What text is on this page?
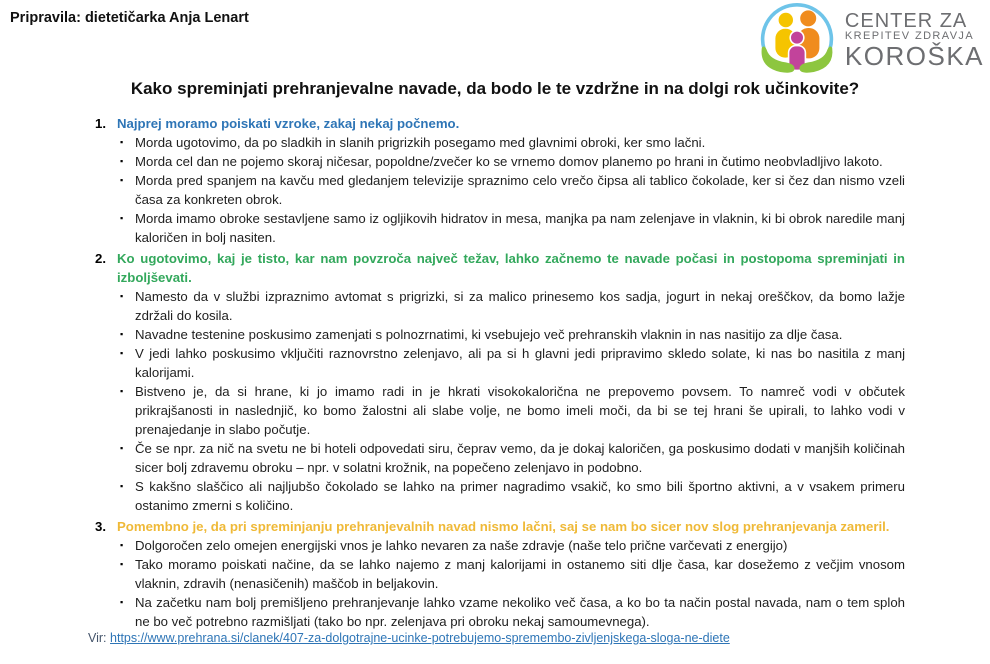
Pripravila: dietetičarka Anja Lenart	CENTER ZA
KREPITEV ZDRAVJA
KOROŠKA
Kako spreminjati prehranjevalne navade, da bodo le te vzdržne in na dolgi rok učinkovite?
1. Najprej moramo poiskati vzroke, zakaj nekaj počnemo.
▪ Morda ugotovimo, da po sladkih in slanih prigrizkih posegamo med glavnimi obroki, ker smo lačni.
▪ Morda cel dan ne pojemo skoraj ničesar, popoldne/zvečer ko se vrnemo domov planemo po hrani in čutimo neobvladljivo lakoto.
▪ Morda pred spanjem na kavču med gledanjem televizije spraznimo celo vrečo čipsa ali tablico čokolade, ker si čez dan nismo vzeli časa za konkreten obrok.
▪ Morda imamo obroke sestavljene samo iz ogljikovih hidratov in mesa, manjka pa nam zelenjave in vlaknin, ki bi obrok naredile manj kaloričen in bolj nasiten.
2. Ko ugotovimo, kaj je tisto, kar nam povzroča največ težav, lahko začnemo te navade počasi in postopoma spreminjati in izboljševati.
▪ Namesto da v službi izpraznimo avtomat s prigrizki, si za malico prinesemo kos sadja, jogurt in nekaj oreščkov, da bomo lažje zdržali do kosila.
▪ Navadne testenine poskusimo zamenjati s polnozrnatimi, ki vsebujejo več prehranskih vlaknin in nas nasitijo za dlje časa.
▪ V jedi lahko poskusimo vključiti raznovrstno zelenjavo, ali pa si h glavni jedi pripravimo skledo solate, ki nas bo nasitila z manj kalorijami.
▪ Bistveno je, da si hrane, ki jo imamo radi in je hkrati visokokalorična ne prepovemo povsem. To namreč vodi v občutek prikrajšanosti in naslednjič, ko bomo žalostni ali slabe volje, ne bomo imeli moči, da bi se tej hrani še upirali, to lahko vodi v prenajedanje in slabo počutje.
▪ Če se npr. za nič na svetu ne bi hoteli odpovedati siru, čeprav vemo, da je dokaj kaloričen, ga poskusimo dodati v manjših količinah sicer bolj zdravemu obroku – npr. v solatni krožnik, na popečeno zelenjavo in podobno.
▪ S kakšno slaščico ali najljubšo čokolado se lahko na primer nagradimo vsakič, ko smo bili športno aktivni, a v vsakem primeru ostanimo zmerni s količino.
3. Pomembno je, da pri spreminjanju prehranjevalnih navad nismo lačni, saj se nam bo sicer nov slog prehranjevanja zameril.
▪ Dolgoročen zelo omejen energijski vnos je lahko nevaren za naše zdravje (naše telo prične varčevati z energijo)
▪ Tako moramo poiskati načine, da se lahko najemo z manj kalorijami in ostanemo siti dlje časa, kar dosežemo z večjim vnosom vlaknin, zdravih (nenasičenih) maščob in beljakovin.
▪ Na začetku nam bolj premišljeno prehranjevanje lahko vzame nekoliko več časa, a ko bo ta način postal navada, nam o tem sploh ne bo več potrebno razmišljati (tako bo npr. zelenjava pri obroku nekaj samoumevnega).
Vir: https://www.prehrana.si/clanek/407-za-dolgotrajne-ucinke-potrebujemo-spremembo-zivljenjskega-sloga-ne-diete
